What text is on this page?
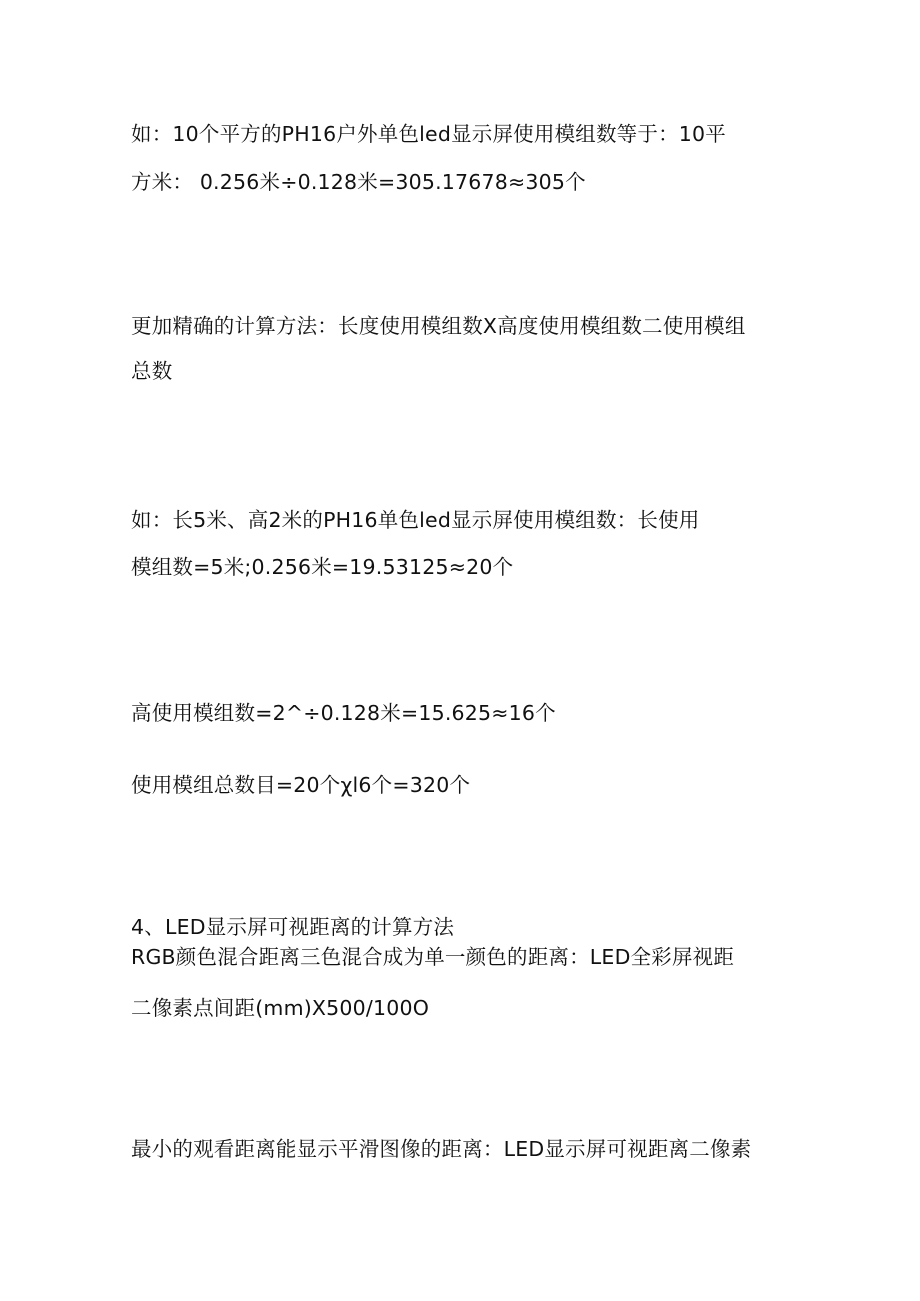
如：10个平方的PH16户外单色led显示屏使用模组数等于：10平
方米： 0.256米÷0.128米=305.17678≈305个
更加精确的计算方法：长度使用模组数X高度使用模组数二使用模组
总数
如：长5米、高2米的PH16单色led显示屏使用模组数：长使用
模组数=5米;0.256米=19.53125≈20个
高使用模组数=2^÷0.128米=15.625≈16个
使用模组总数目=20个χl6个=320个
4、LED显示屏可视距离的计算方法
RGB颜色混合距离三色混合成为单一颜色的距离：LED全彩屏视距
二像素点间距(mm)X500/100O
最小的观看距离能显示平滑图像的距离：LED显示屏可视距离二像素
